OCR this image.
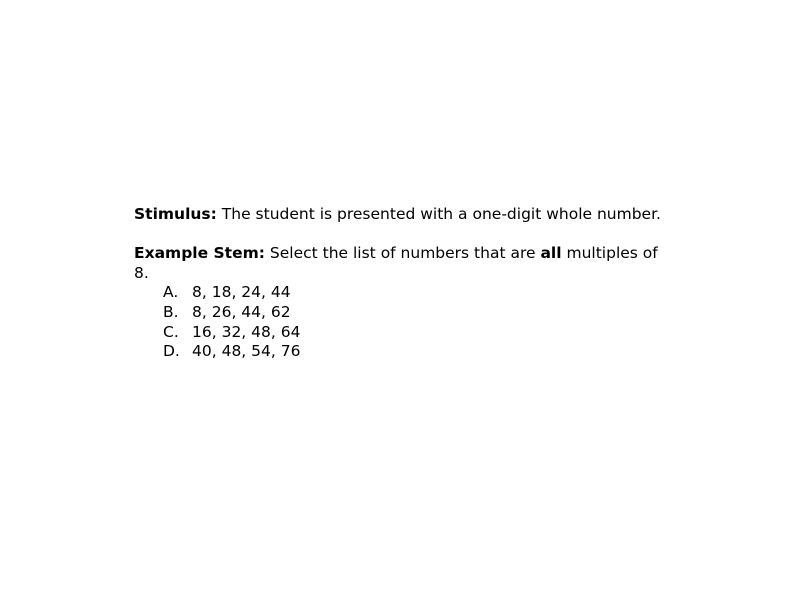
Stimulus: The student is presented with a one-digit whole number.

Example Stem: Select the list of numbers that are all multiples of 8.

A. 8, 18, 24, 44
B. 8, 26, 44, 62
C. 16, 32, 48, 64
D. 40, 48, 54, 76
